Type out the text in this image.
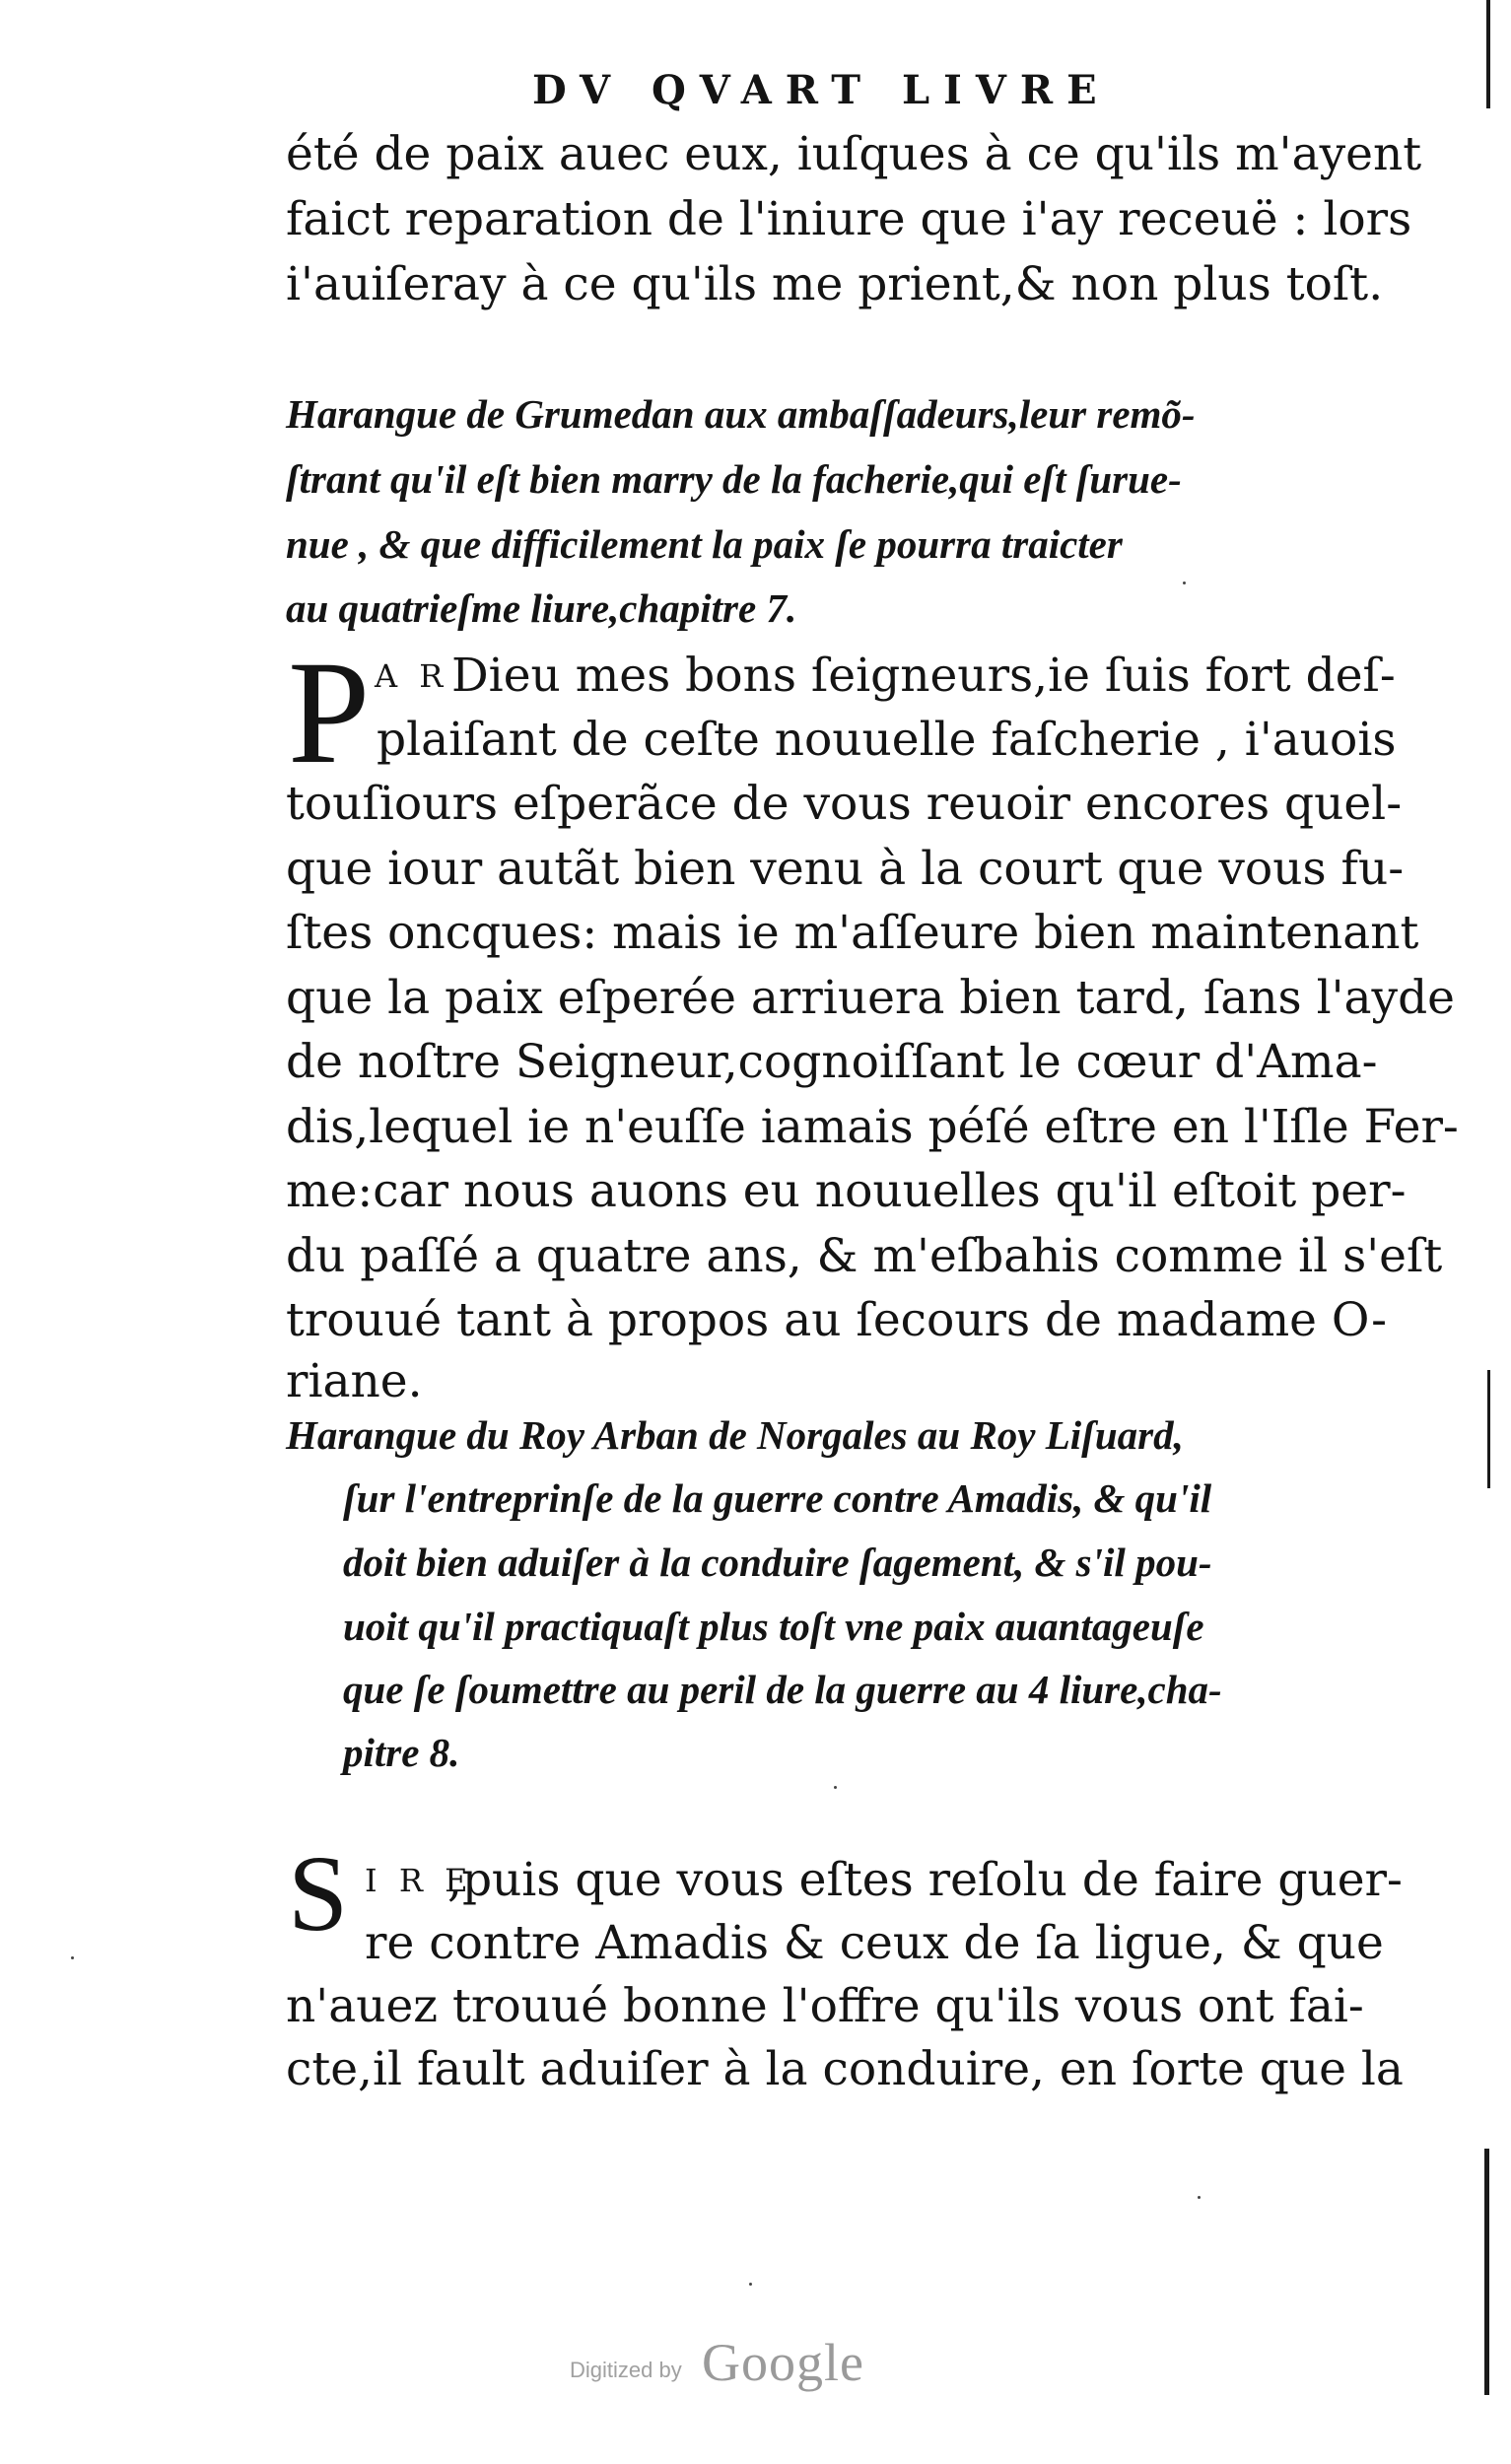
DV QVART LIVRE
été de paix auec eux, iuſques à ce qu'ils m'ayent
faict reparation de l'iniure que i'ay receuë : lors
i'auiſeray à ce qu'ils me prient,& non plus toſt.
Harangue de Grumedan aux ambaſſadeurs,leur remõ-
ſtrant qu'il eſt bien marry de la facherie,qui eſt ſurue-
nue , & que difficilement la paix ſe pourra traicter
au quatrieſme liure,chapitre 7.
P A R Dieu mes bons ſeigneurs,ie ſuis fort deſ-
plaiſant de ceſte nouuelle faſcherie , i'auois
touſiours eſperãce de vous reuoir encores quel-
que iour autãt bien venu à la court que vous fu-
ſtes oncques: mais ie m'aſſeure bien maintenant
que la paix eſperée arriuera bien tard, ſans l'ayde
de noſtre Seigneur,cognoiſſant le cœur d'Ama-
dis,lequel ie n'euſſe iamais péſé eſtre en l'Iſle Fer-
me:car nous auons eu nouuelles qu'il eſtoit per-
du paſſé a quatre ans, & m'eſbahis comme il s'eſt
trouué tant à propos au ſecours de madame O-
riane.
Harangue du Roy Arban de Norgales au Roy Liſuard,
ſur l'entreprinſe de la guerre contre Amadis, & qu'il
doit bien aduiſer à la conduire ſagement, & s'il pou-
uoit qu'il practiquaſt plus toſt vne paix auantageuſe
que ſe ſoumettre au peril de la guerre au 4 liure,cha-
pitre 8.
S I R E
,puis que vous eſtes reſolu de faire guer-
re contre Amadis & ceux de ſa ligue, & que
n'auez trouué bonne l'offre qu'ils vous ont fai-
cte,il fault aduiſer à la conduire, en ſorte que la
Digitized by Google
